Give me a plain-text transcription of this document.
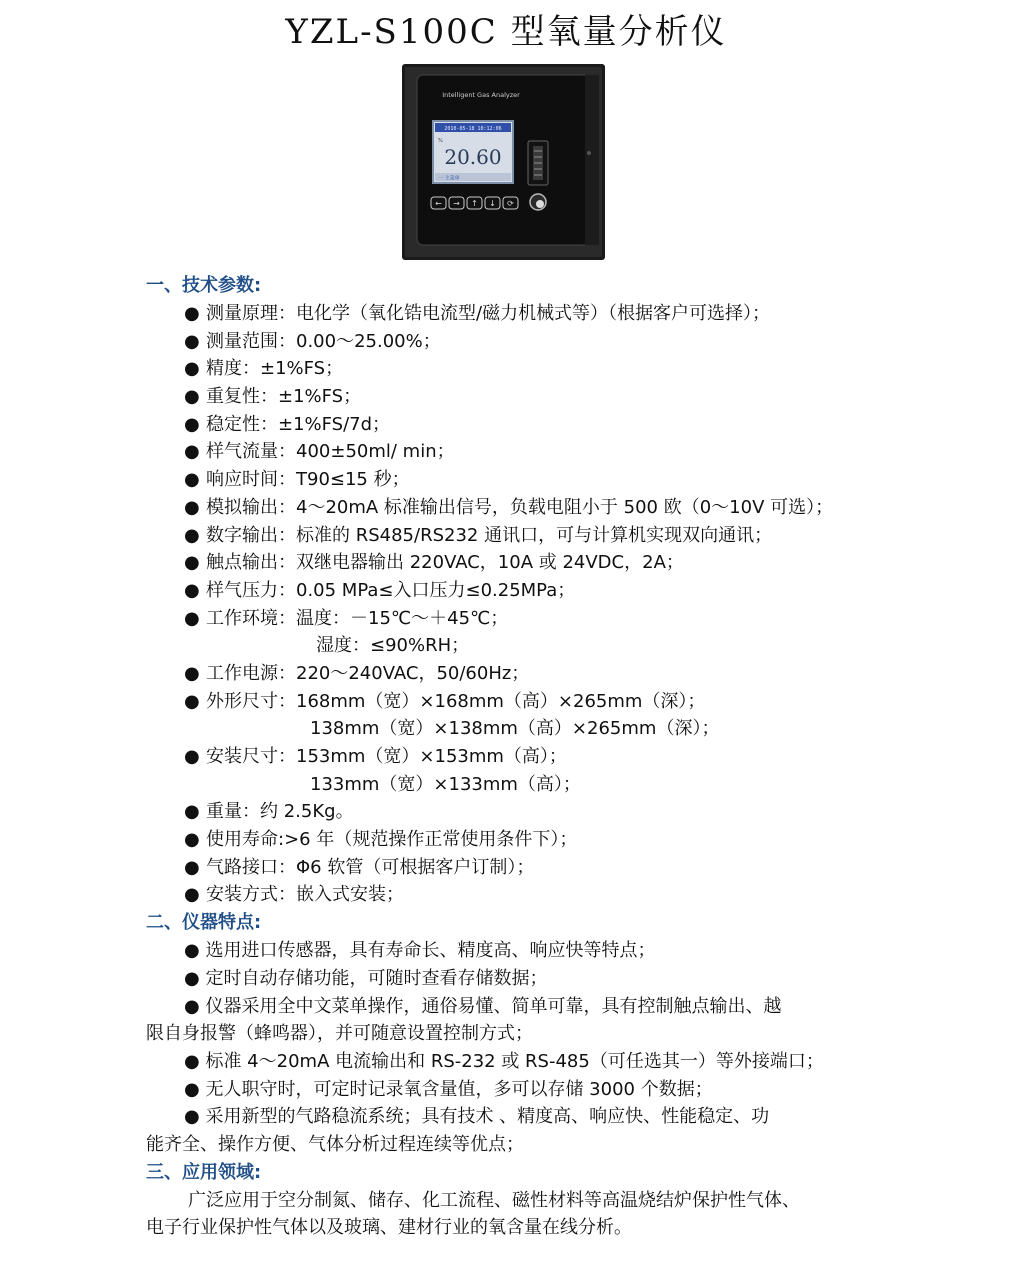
YZL-S100C 型氧量分析仪
Intelligent Gas Analyzer
2010-05-18 10:12:06
%
20.60
一 主菜单
← → ↑ ↓ ⟳
一、技术参数:
● 测量原理：电化学（氧化锆电流型/磁力机械式等）（根据客户可选择）；
● 测量范围：0.00～25.00%；
● 精度：±1%FS；
● 重复性：±1%FS；
● 稳定性：±1%FS/7d；
● 样气流量：400±50ml/ min；
● 响应时间：T90≤15 秒；
● 模拟输出：4～20mA 标准输出信号，负载电阻小于 500 欧（0～10V 可选）；
● 数字输出：标准的 RS485/RS232 通讯口，可与计算机实现双向通讯；
● 触点输出：双继电器输出 220VAC，10A 或 24VDC，2A；
● 样气压力：0.05 MPa≤入口压力≤0.25MPa；
● 工作环境：温度：－15℃～＋45℃；
湿度：≤90%RH；
● 工作电源：220～240VAC，50/60Hz；
● 外形尺寸：168mm（宽）×168mm（高）×265mm（深）；
138mm（宽）×138mm（高）×265mm（深）；
● 安装尺寸：153mm（宽）×153mm（高）；
133mm（宽）×133mm（高）；
● 重量：约 2.5Kg。
● 使用寿命:>6 年（规范操作正常使用条件下）；
● 气路接口：Φ6 软管（可根据客户订制）；
● 安装方式：嵌入式安装；
二、仪器特点:
● 选用进口传感器，具有寿命长、精度高、响应快等特点；
● 定时自动存储功能，可随时查看存储数据；
● 仪器采用全中文菜单操作，通俗易懂、简单可靠，具有控制触点输出、越
限自身报警（蜂鸣器），并可随意设置控制方式；
● 标准 4～20mA 电流输出和 RS-232 或 RS-485（可任选其一）等外接端口；
● 无人职守时，可定时记录氧含量值，多可以存储 3000 个数据；
● 采用新型的气路稳流系统；具有技术 、精度高、响应快、性能稳定、功
能齐全、操作方便、气体分析过程连续等优点；
三、应用领域:
广泛应用于空分制氮、储存、化工流程、磁性材料等高温烧结炉保护性气体、
电子行业保护性气体以及玻璃、建材行业的氧含量在线分析。
